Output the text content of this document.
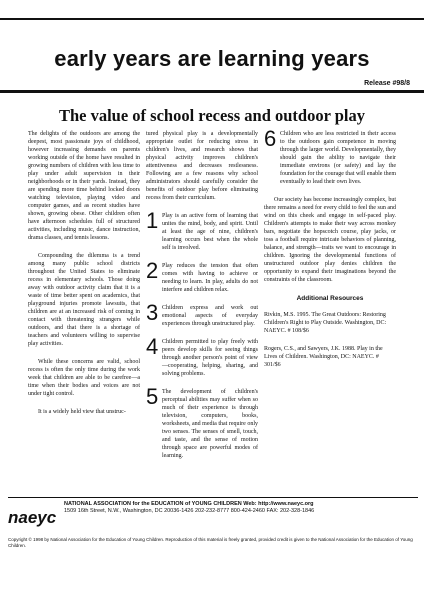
early years are learning years
Release #98/8
The value of school recess and outdoor play

The delights of the outdoors are among the deepest, most passionate joys of childhood, however increasing demands on parents working outside of the home have resulted in growing numbers of children with less time to play under adult supervision in their neighborhoods or in their yards. Instead, they are spending more time behind locked doors watching television, playing video and computer games, and as recent studies have shown, growing obese. Other children often have afternoon schedules full of structured activities, including music, dance instruction, drama classes, and tennis lessons.

Compounding the dilemma is a trend among many public school districts throughout the United States to eliminate recess in elementary schools. Those doing away with outdoor activity claim that it is a waste of time better spent on academics, that playground injuries promote lawsuits, that children are at an increased risk of coming in contact with threatening strangers while outdoors, and that there is a shortage of teachers and volunteers willing to supervise play activities.

While these concerns are valid, school recess is often the only time during the work week that children are able to be carefree—a time when their bodies and voices are not under tight control.

It is a widely held view that unstruc-

tured physical play is a developmentally appropriate outlet for reducing stress in children's lives, and research shows that physical activity improves children's attentiveness and decreases restlessness. Following are a few reasons why school administrators should carefully consider the benefits of outdoor play before eliminating recess from their curriculum.

1 Play is an active form of learning that unites the mind, body, and spirit. Until at least the age of nine, children's learning occurs best when the whole self is involved.
2 Play reduces the tension that often comes with having to achieve or needing to learn. In play, adults do not interfere and children relax.
3 Children express and work out emotional aspects of everyday experiences through unstructured play.
4 Children permitted to play freely with peers develop skills for seeing things through another person's point of view—cooperating, helping, sharing, and solving problems.
5 The development of children's perceptual abilities may suffer when so much of their experience is through television, computers, books, worksheets, and media that require only two senses. The senses of smell, touch, and taste, and the sense of motion through space are powerful modes of learning.
6 Children who are less restricted in their access to the outdoors gain competence in moving through the larger world. Developmentally, they should gain the ability to navigate their immediate environs (or safety) and lay the foundation for the courage that will enable them eventually to lead their own lives.

Our society has become increasingly complex, but there remains a need for every child to feel the sun and wind on this cheek and engage in self-paced play. Children's attempts to make their way across monkey bars, negotiate the hopscotch course, play jacks, or toss a football require intricate behaviors of planning, balance, and strength—traits we want to encourage in children. Ignoring the developmental functions of unstructured outdoor play denies children the opportunity to expand their imaginations beyond the constraints of the classroom.

Additional Resources

Rivkin, M.S. 1995. The Great Outdoors: Restoring Children's Right to Play Outside. Washington, DC: NAEYC. # 108/$6

Rogers, C.S., and Sawyers, J.K. 1988. Play in the Lives of Children. Washington, DC: NAEYC. # 301/$6

naeyc
NATIONAL ASSOCIATION for the EDUCATION of YOUNG CHILDREN Web: http://www.naeyc.org
1509 16th Street, N.W., Washington, DC 20036-1426 202-232-8777 800-424-2460 FAX: 202-328-1846
Copyright © 1998 by National Association for the Education of Young Children. Reproduction of this material is freely granted, provided credit is given to the National Association for the Education of Young Children.
